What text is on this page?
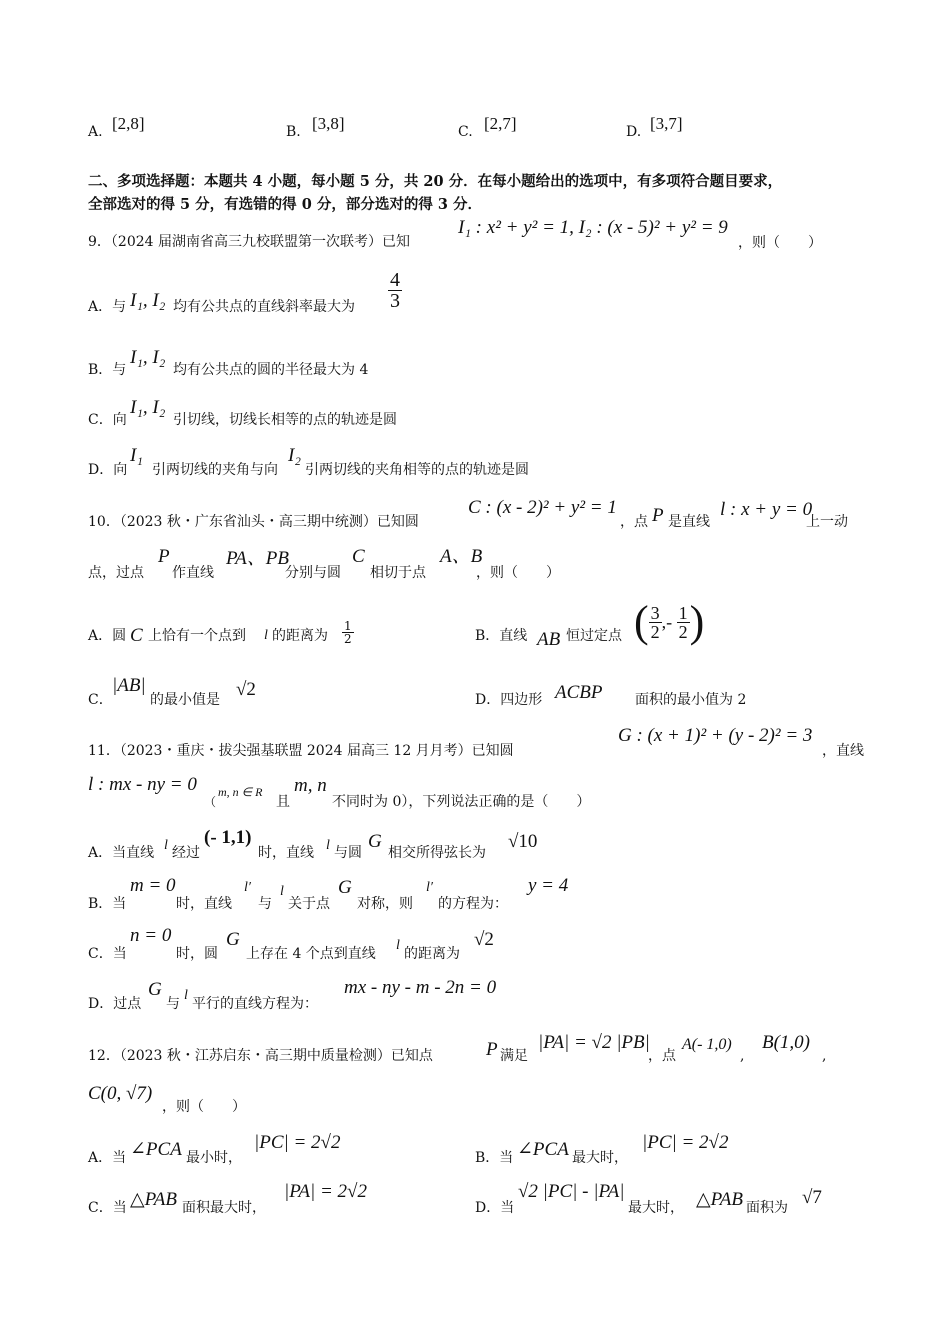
A. [2,8]	B. [3,8]	C. [2,7]	D. [3,7]
二、多项选择题：本题共 4 小题，每小题 5 分，共 20 分．在每小题给出的选项中，有多项符合题目要求，
全部选对的得 5 分，有选错的得 0 分，部分选对的得 3 分．
9．（2024 届湖南省高三九校联盟第一次联考）已知
I₁ : x² + y² = 1, I₂ : (x - 5)² + y² = 9
，则（　　）
A．与 I₁, I₂ 均有公共点的直线斜率最大为 $\frac{4}{3}$
B．与
I₁, I₂
均有公共点的圆的半径最大为 4
C．向
I₁, I₂
引切线，切线长相等的点的轨迹是圆
D．向
I₁
引两切线的夹角与向
I₂
引两切线的夹角相等的点的轨迹是圆
10．（2023 秋・广东省汕头・高三期中统测）已知圆
C : (x - 2)² + y² = 1
，点 P 是直线
l : x + y = 0
上一动
点，过点
P
作直线
PA、PB
分别与圆
C
相切于点
A、B
，则（　　）
A．圆 C 上恰有一个点到 l 的距离为 $\frac{1}{2}$	B．直线 AB 恒过定点 ( $\frac{3}{2}$ ,- $\frac{1}{2}$ )
C．
|AB|
的最小值是 √2	D．四边形 ACBP 面积的最小值为 2
11．（2023・重庆・拔尖强基联盟 2024 届高三 12 月月考）已知圆
G : (x + 1)² + (y - 2)² = 3
，直线
l : mx - ny = 0
（
m, n ∈ R
且
m, n
不同时为 0），下列说法正确的是（　　）
A．当直线 l 经过
(- 1,1)
时，直线 l 与圆
G
相交所得弦长为
√10
B．当
m = 0
时，直线
l′
与
l
关于点
G
对称，则
l′
的方程为：
y = 4
C．当
n = 0
时，圆
G
上存在 4 个点到直线
l
的距离为
√2
D．过点
G
与
l
平行的直线方程为：
mx - ny - m - 2n = 0
12．（2023 秋・江苏启东・高三期中质量检测）已知点	P 满足
|PA| = √2 |PB|
，点
A(- 1,0)
,
B(1,0)
,
C(0, √7)
，则（　　）
A．当 ∠PCA 最小时，
|PC| = 2√2
B．当 ∠PCA 最大时，
|PC| = 2√2
C．当 △PAB 面积最大时，
|PA| = 2√2
D．当
√2 |PC| - |PA|
最大时， △PAB 面积为 √7
